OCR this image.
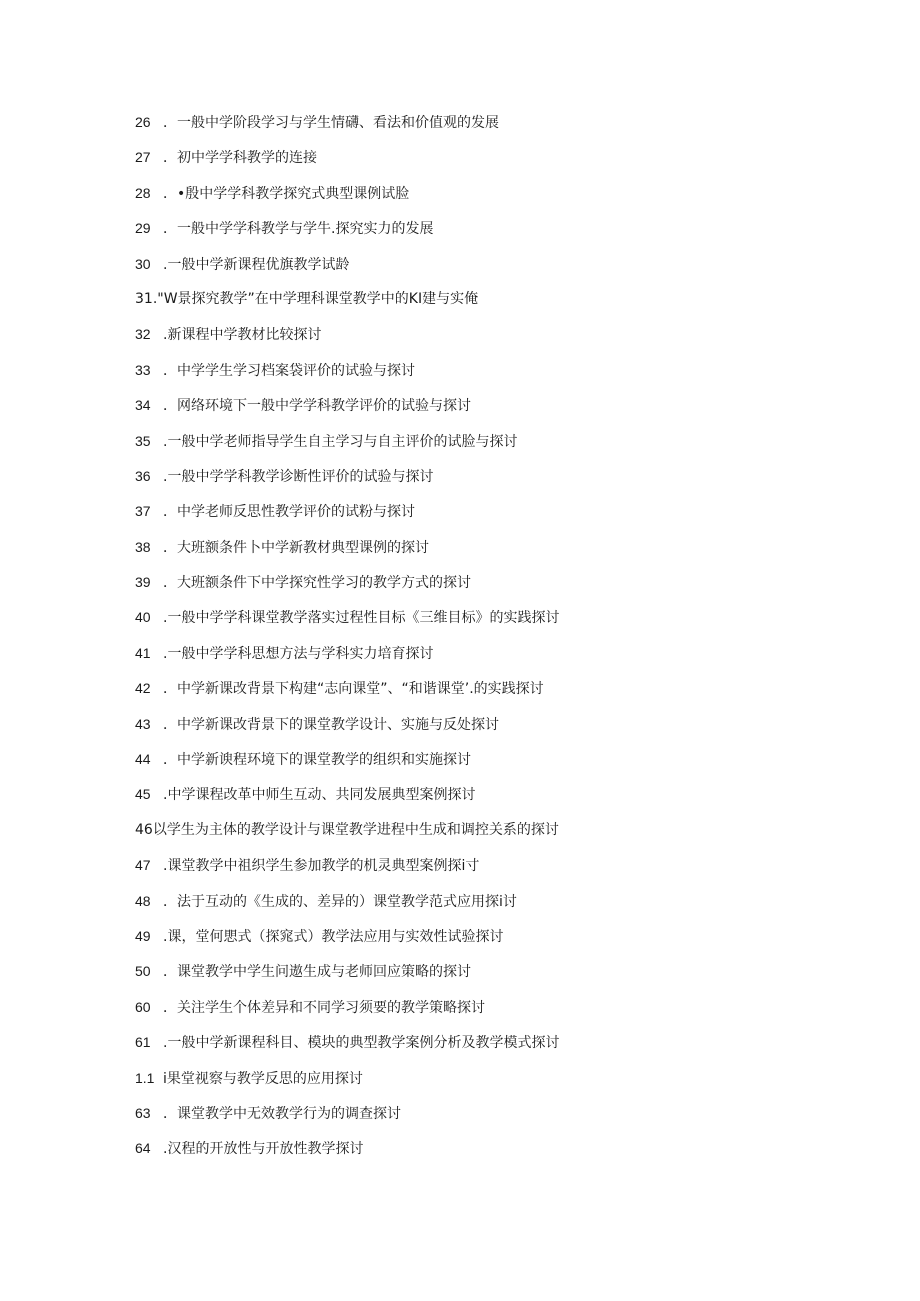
26 ．一般中学阶段学习与学生情礴、看法和价值观的发展
27 ．初中学学科教学的连接
28 ．•殷中学学科教学探究式典型课例试脸
29 ．一般中学学科教学与学牛.探究实力的发展
30 .一般中学新课程优旗教学试龄
31."W景探究教学”在中学理科课堂教学中的KI建与实俺
32 .新课程中学教材比较探讨
33 ．中学学生学习档案袋评价的试验与探讨
34 ．网络环境下一般中学学科教学评价的试验与探讨
35 .一般中学老师指导学生自主学习与自主评价的试脸与探讨
36 .一般中学学科教学诊断性评价的试验与探讨
37 ．中学老师反思性教学评价的试粉与探讨
38 ．大班额条件卜中学新教材典型课例的探讨
39 ．大班额条件下中学探究性学习的教学方式的探讨
40 .一般中学学科课堂教学落实过程性目标《三维目标》的实践探讨
41 .一般中学学科思想方法与学科实力培育探讨
42 ．中学新课改背景下构建“志向课堂”、“和谐课堂’.的实践探讨
43 ．中学新课改背景下的课堂教学设计、实施与反处探讨
44 ．中学新谀程环境下的课堂教学的组织和实施探讨
45 .中学课程改革中师生互动、共同发展典型案例探讨
46以学生为主体的教学设计与课堂教学进程中生成和调控关系的探讨
47 .课堂教学中祖织学生参加教学的机灵典型案例探i寸
48 ．法于互动的《生成的、差异的）课堂教学范式应用探i讨
49 .课，堂何愳式（探窕式）教学法应用与实效性试验探讨
50 ．课堂教学中学生问遨生成与老师回应策略的探讨
60 ．关注学生个体差异和不同学习须要的教学策略探讨
61 .一般中学新课程科目、模块的典型教学案例分析及教学模式探讨
1.1 i果堂视察与教学反思的应用探讨
63 ．课堂教学中无效教学行为的调查探讨
64 .汉程的开放性与开放性教学探讨
